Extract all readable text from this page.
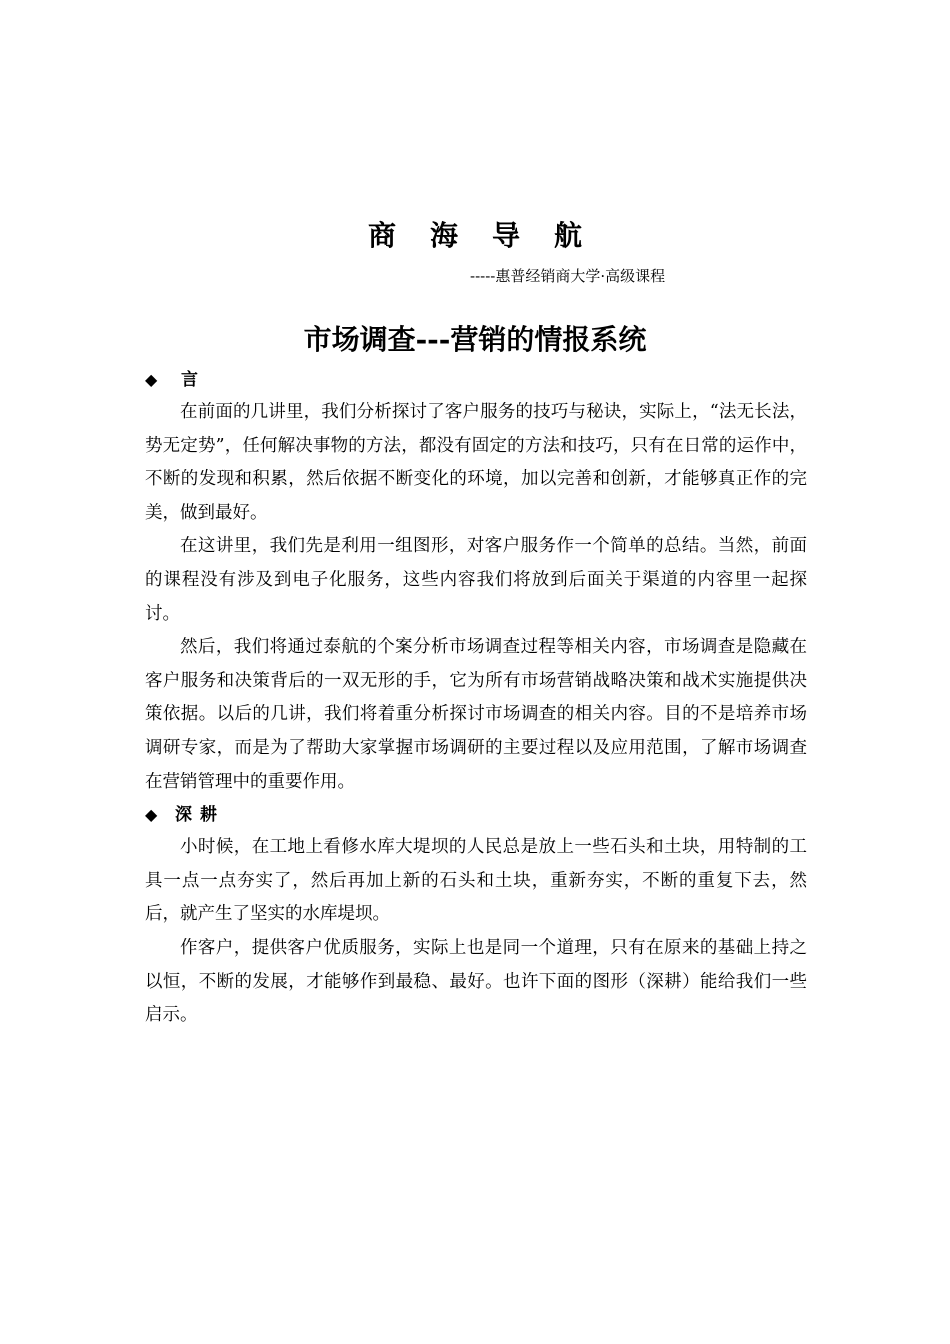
商海导航
-----惠普经销商大学·高级课程
市场调查---营销的情报系统
◆ 言

在前面的几讲里，我们分析探讨了客户服务的技巧与秘诀，实际上，“法无长法，势无定势”，任何解决事物的方法，都没有固定的方法和技巧，只有在日常的运作中，不断的发现和积累，然后依据不断变化的环境，加以完善和创新，才能够真正作的完美，做到最好。

在这讲里，我们先是利用一组图形，对客户服务作一个简单的总结。当然，前面的课程没有涉及到电子化服务，这些内容我们将放到后面关于渠道的内容里一起探讨。

然后，我们将通过泰航的个案分析市场调查过程等相关内容，市场调查是隐藏在客户服务和决策背后的一双无形的手，它为所有市场营销战略决策和战术实施提供决策依据。以后的几讲，我们将着重分析探讨市场调查的相关内容。目的不是培养市场调研专家，而是为了帮助大家掌握市场调研的主要过程以及应用范围，了解市场调查在营销管理中的重要作用。

◆ 深耕

小时候，在工地上看修水库大堤坝的人民总是放上一些石头和土块，用特制的工具一点一点夯实了，然后再加上新的石头和土块，重新夯实，不断的重复下去，然后，就产生了坚实的水库堤坝。

作客户，提供客户优质服务，实际上也是同一个道理，只有在原来的基础上持之以恒，不断的发展，才能够作到最稳、最好。也许下面的图形（深耕）能给我们一些启示。
